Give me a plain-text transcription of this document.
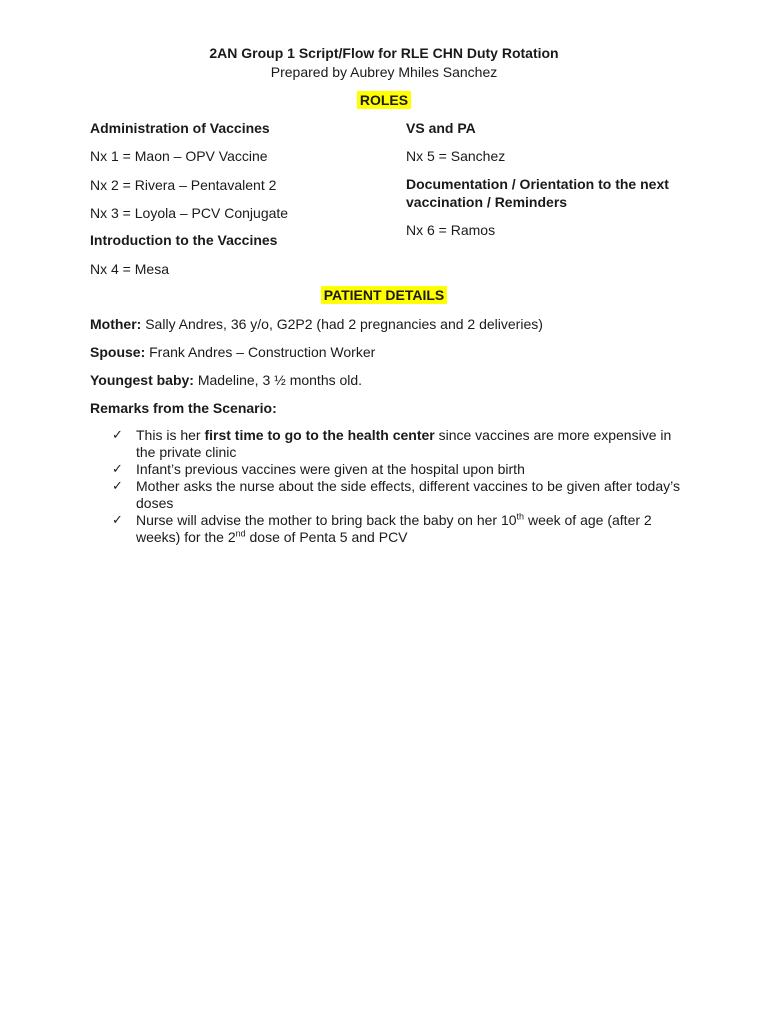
2AN Group 1 Script/Flow for RLE CHN Duty Rotation
Prepared by Aubrey Mhiles Sanchez
ROLES
Administration of Vaccines
Nx 1 = Maon – OPV Vaccine
Nx 2 = Rivera – Pentavalent 2
Nx 3 = Loyola – PCV Conjugate
Introduction to the Vaccines
Nx 4 = Mesa
VS and PA
Nx 5 = Sanchez
Documentation / Orientation to the next
vaccination / Reminders
Nx 6 = Ramos
PATIENT DETAILS
Mother: Sally Andres, 36 y/o, G2P2 (had 2 pregnancies and 2 deliveries)
Spouse: Frank Andres – Construction Worker
Youngest baby: Madeline, 3 ½ months old.
Remarks from the Scenario:
✓ This is her first time to go to the health center since vaccines are more expensive in
the private clinic
✓ Infant’s previous vaccines were given at the hospital upon birth
✓ Mother asks the nurse about the side effects, different vaccines to be given after today’s
doses
✓ Nurse will advise the mother to bring back the baby on her 10th week of age (after 2
weeks) for the 2nd dose of Penta 5 and PCV
